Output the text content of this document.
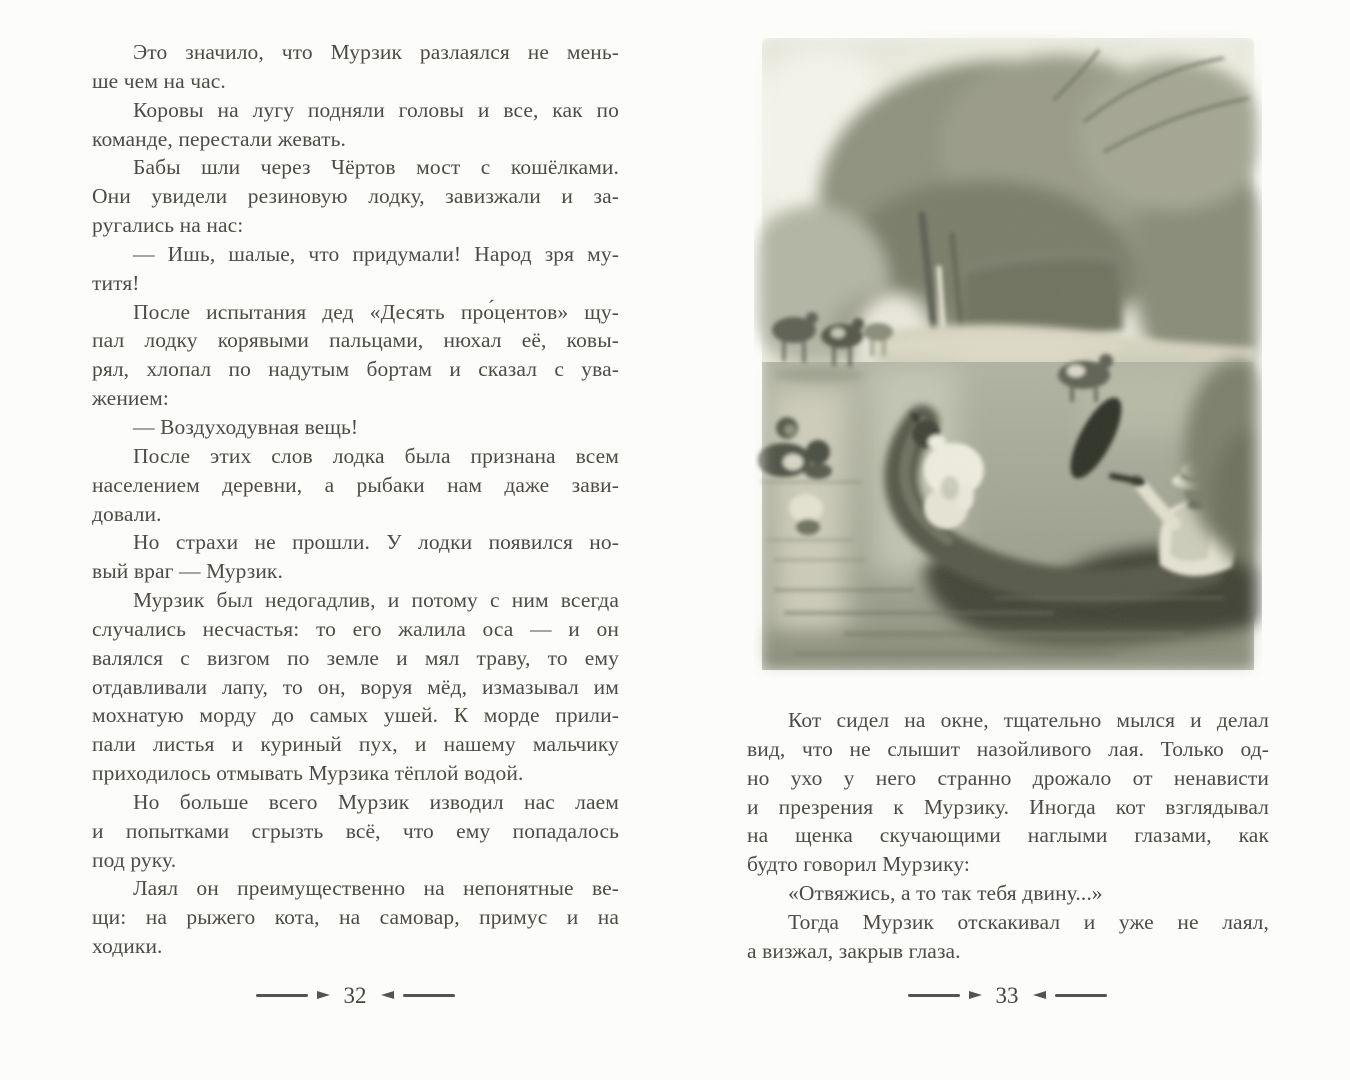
Это значило, что Мурзик разлаялся не мень-
ше чем на час.
Коровы на лугу подняли головы и все, как по
команде, перестали жевать.
Бабы шли через Чёртов мост с кошёлками.
Они увидели резиновую лодку, завизжали и за-
ругались на нас:
— Ишь, шалые, что придумали! Народ зря му-
титя!
После испытания дед «Десять про́центов» щу-
пал лодку корявыми пальцами, нюхал её, ковы-
рял, хлопал по надутым бортам и сказал с ува-
жением:
— Воздуходувная вещь!
После этих слов лодка была признана всем
населением деревни, а рыбаки нам даже зави-
довали.
Но страхи не прошли. У лодки появился но-
вый враг — Мурзик.
Мурзик был недогадлив, и потому с ним всегда
случались несчастья: то его жалила оса — и он
валялся с визгом по земле и мял траву, то ему
отдавливали лапу, то он, воруя мёд, измазывал им
мохнатую морду до самых ушей. К морде прили-
пали листья и куриный пух, и нашему мальчику
приходилось отмывать Мурзика тёплой водой.
Но больше всего Мурзик изводил нас лаем
и попытками сгрызть всё, что ему попадалось
под руку.
Лаял он преимущественно на непонятные ве-
щи: на рыжего кота, на самовар, примус и на
ходики.
32
Кот сидел на окне, тщательно мылся и делал
вид, что не слышит назойливого лая. Только од-
но ухо у него странно дрожало от ненависти
и презрения к Мурзику. Иногда кот взглядывал
на щенка скучающими наглыми глазами, как
будто говорил Мурзику:
«Отвяжись, а то так тебя двину...»
Тогда Мурзик отскакивал и уже не лаял,
а визжал, закрыв глаза.
33
